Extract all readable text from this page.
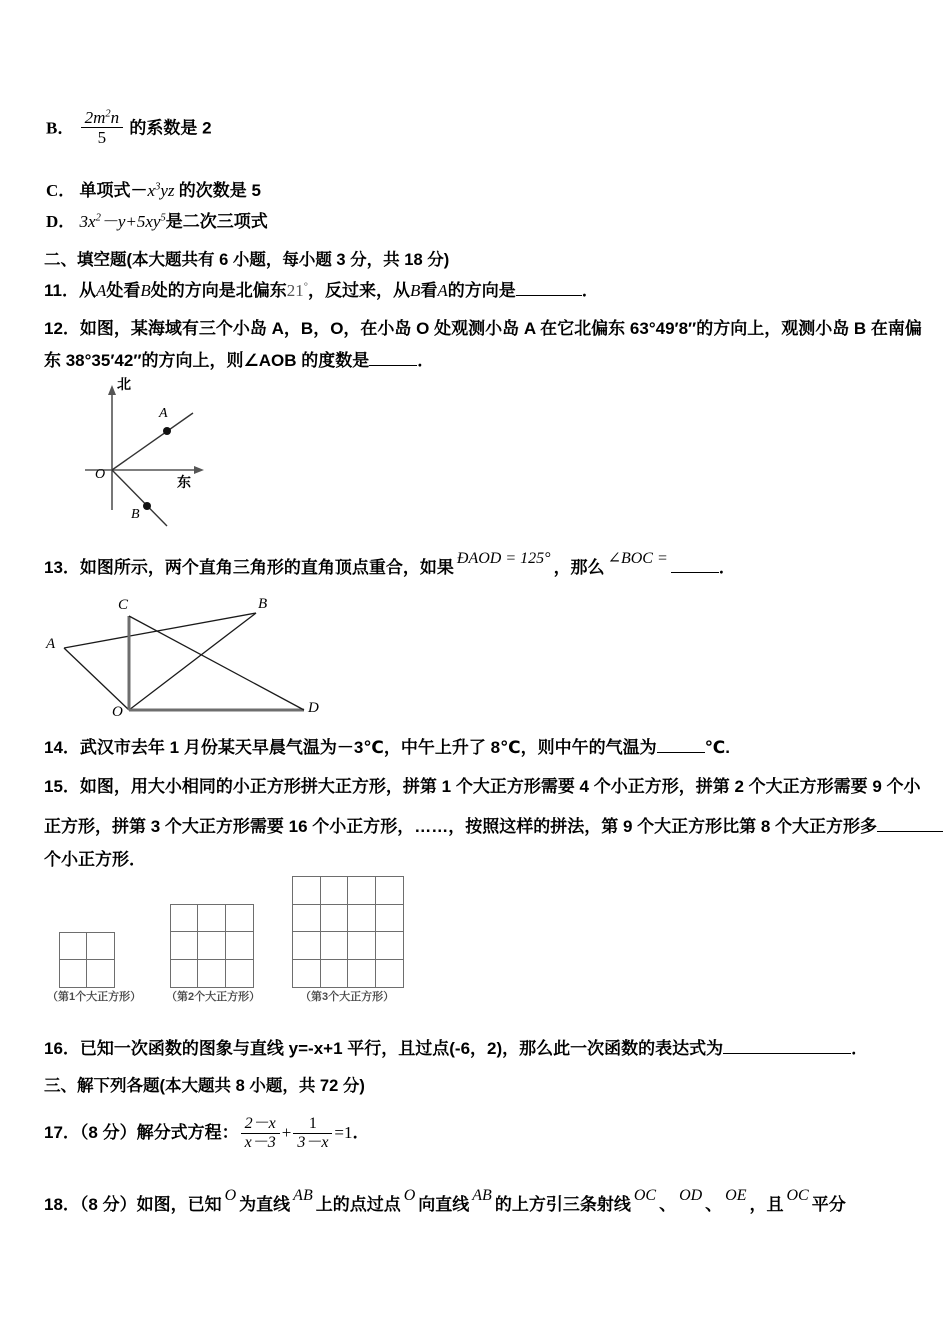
B． $\frac{2m^2n}{5}$ 的系数是 2
C． 单项式$-x^3yz$ 的次数是 5
D． $3x^2-y+5xy^5$是二次三项式
二、填空题(本大题共有 6 小题，每小题 3 分，共 18 分)
11．从A处看B处的方向是北偏东21°，反过来，从B看A的方向是	．
12．如图，某海域有三个小岛 A，B，O，在小岛 O 处观测小岛 A 在它北偏东 63°49′8″的方向上，观测小岛 B 在南偏
东 38°35′42″的方向上，则∠AOB 的度数是	．
北
东
O
A
B
13．如图所示，两个直角三角形的直角顶点重合，如果 ÐAOD = 125° ，那么 ∠BOC =	．
A
B
C
D
O
14．武汉市去年 1 月份某天早晨气温为－3℃，中午上升了 8℃，则中午的气温为	℃.
15．如图，用大小相同的小正方形拼大正方形，拼第 1 个大正方形需要 4 个小正方形，拼第 2 个大正方形需要 9 个小
正方形，拼第 3 个大正方形需要 16 个小正方形，……，按照这样的拼法，第 9 个大正方形比第 8 个大正方形多
个小正方形．
（第1个大正方形） （第2个大正方形）	（第3个大正方形）
16．已知一次函数的图象与直线 y=-x+1 平行，且过点(-6，2)，那么此一次函数的表达式为	．
三、解下列各题(本大题共 8 小题，共 72 分)
17．（8 分）解分式方程： $\frac{2-x}{x-3} + \frac{1}{3-x} =1$．
18．（8 分）如图，已知 O 为直线 AB 上的点过点 O 向直线 AB 的上方引三条射线 OC 、 OD 、 OE ，且 OC 平分
